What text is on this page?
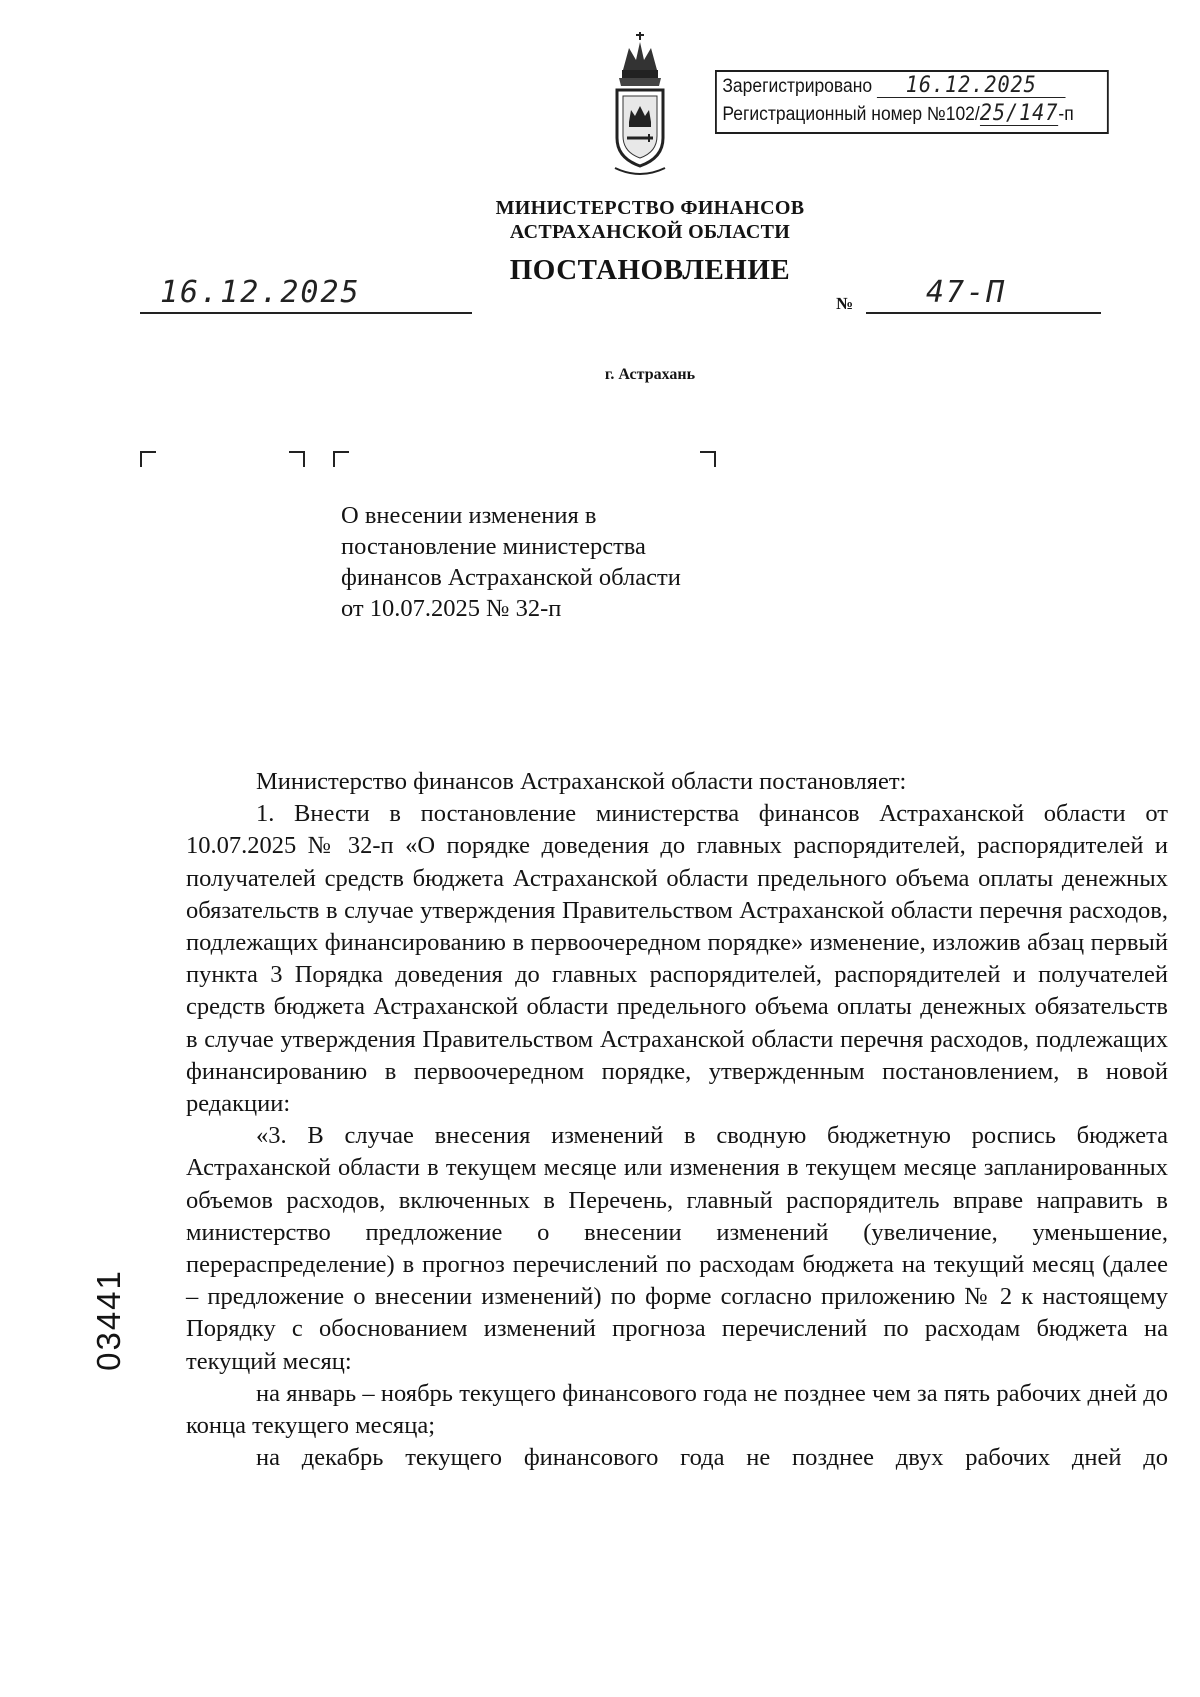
Зарегистрировано 16.12.2025
Регистрационный номер №102/25/147-п
МИНИСТЕРСТВО ФИНАНСОВ
АСТРАХАНСКОЙ ОБЛАСТИ
ПОСТАНОВЛЕНИЕ
16.12.2025	№ 47-П
г. Астрахань
О внесении изменения в
постановление министерства
финансов Астраханской области
от 10.07.2025 № 32-п

Министерство финансов Астраханской области постановляет:

1. Внести в постановление министерства финансов Астраханской области от 10.07.2025 № 32-п «О порядке доведения до главных распорядителей, распорядителей и получателей средств бюджета Астраханской области предельного объема оплаты денежных обязательств в случае утверждения Правительством Астраханской области перечня расходов, подлежащих финансированию в первоочередном порядке» изменение, изложив абзац первый пункта 3 Порядка доведения до главных распорядителей, распорядителей и получателей средств бюджета Астраханской области предельного объема оплаты денежных обязательств в случае утверждения Правительством Астраханской области перечня расходов, подлежащих финансированию в первоочередном порядке, утвержденным постановлением, в новой редакции:

«3. В случае внесения изменений в сводную бюджетную роспись бюджета Астраханской области в текущем месяце или изменения в текущем месяце запланированных объемов расходов, включенных в Перечень, главный распорядитель вправе направить в министерство предложение о внесении изменений (увеличение, уменьшение, перераспределение) в прогноз перечислений по расходам бюджета на текущий месяц (далее – предложение о внесении изменений) по форме согласно приложению № 2 к настоящему Порядку с обоснованием изменений прогноза перечислений по расходам бюджета на текущий месяц:

на январь – ноябрь текущего финансового года не позднее чем за пять рабочих дней до конца текущего месяца;

на декабрь текущего финансового года не позднее двух рабочих дней до

03441
